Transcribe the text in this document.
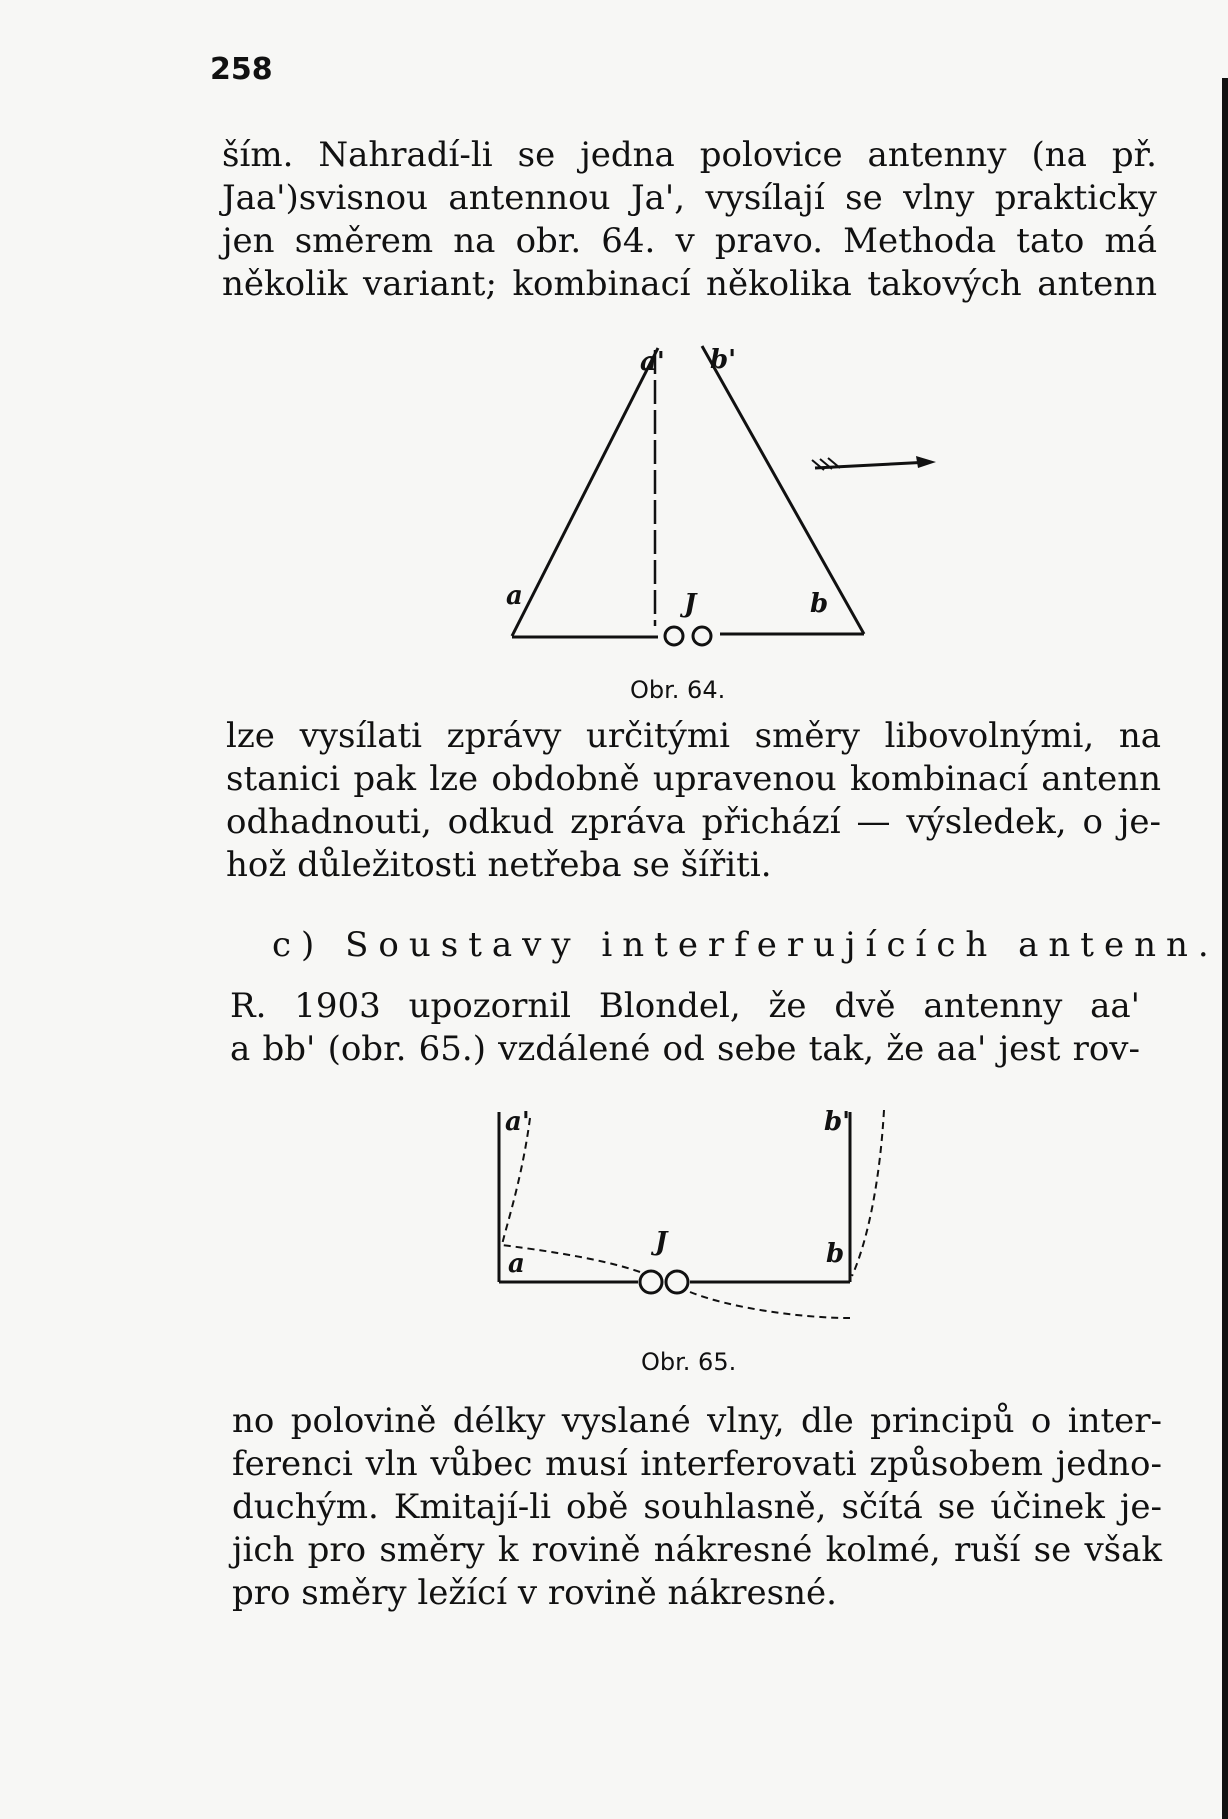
258
ším. Nahradí-li se jedna polovice antenny (na př.
Jaa')svisnou antennou Ja', vysílají se vlny prakticky
jen směrem na obr. 64. v pravo. Methoda tato má
několik variant; kombinací několika takových antenn
a' b'
a	J	b
a'	b'
a
J	b
Obr. 64.
lze vysílati zprávy určitými směry libovolnými, na
stanici pak lze obdobně upravenou kombinací antenn
odhadnouti, odkud zpráva přichází — výsledek, o je-
hož důležitosti netřeba se šířiti.
c) Soustavy interferujících antenn.
R. 1903 upozornil Blondel, že dvě antenny aa'
a bb' (obr. 65.) vzdálené od sebe tak, že aa' jest rov-
Obr. 65.
no polovině délky vyslané vlny, dle principů o inter-
ferenci vln vůbec musí interferovati způsobem jedno-
duchým. Kmitají-li obě souhlasně, sčítá se účinek je-
jich pro směry k rovině nákresné kolmé, ruší se však
pro směry ležící v rovině nákresné.
